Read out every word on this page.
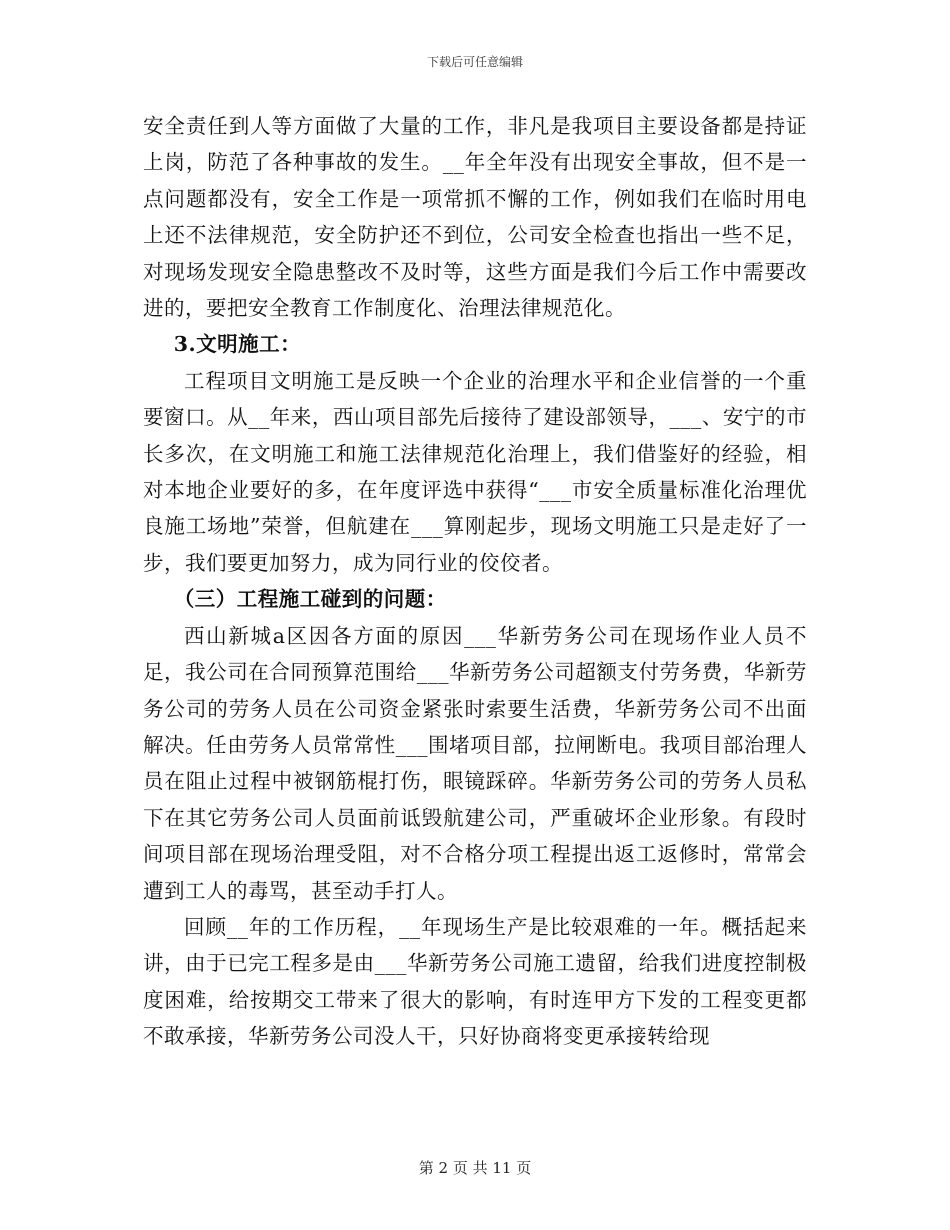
下载后可任意编辑

安全责任到人等方面做了大量的工作，非凡是我项目主要设备都是持证上岗，防范了各种事故的发生。__年全年没有出现安全事故，但不是一点问题都没有，安全工作是一项常抓不懈的工作，例如我们在临时用电上还不法律规范，安全防护还不到位，公司安全检查也指出一些不足，对现场发现安全隐患整改不及时等，这些方面是我们今后工作中需要改进的，要把安全教育工作制度化、治理法律规范化。

3.文明施工：

工程项目文明施工是反映一个企业的治理水平和企业信誉的一个重要窗口。从__年来，西山项目部先后接待了建设部领导，___、安宁的市长多次，在文明施工和施工法律规范化治理上，我们借鉴好的经验，相对本地企业要好的多，在年度评选中获得“___市安全质量标准化治理优良施工场地”荣誉，但航建在___算刚起步，现场文明施工只是走好了一步，我们要更加努力，成为同行业的佼佼者。

（三）工程施工碰到的问题：

西山新城a区因各方面的原因___华新劳务公司在现场作业人员不足，我公司在合同预算范围给___华新劳务公司超额支付劳务费，华新劳务公司的劳务人员在公司资金紧张时索要生活费，华新劳务公司不出面解决。任由劳务人员常常性___围堵项目部，拉闸断电。我项目部治理人员在阻止过程中被钢筋棍打伤，眼镜踩碎。华新劳务公司的劳务人员私下在其它劳务公司人员面前诋毁航建公司，严重破坏企业形象。有段时间项目部在现场治理受阻，对不合格分项工程提出返工返修时，常常会遭到工人的毒骂，甚至动手打人。

回顾__年的工作历程，__年现场生产是比较艰难的一年。概括起来讲，由于已完工程多是由___华新劳务公司施工遗留，给我们进度控制极度困难，给按期交工带来了很大的影响，有时连甲方下发的工程变更都不敢承接，华新劳务公司没人干，只好协商将变更承接转给现

第 2 页 共 11 页
